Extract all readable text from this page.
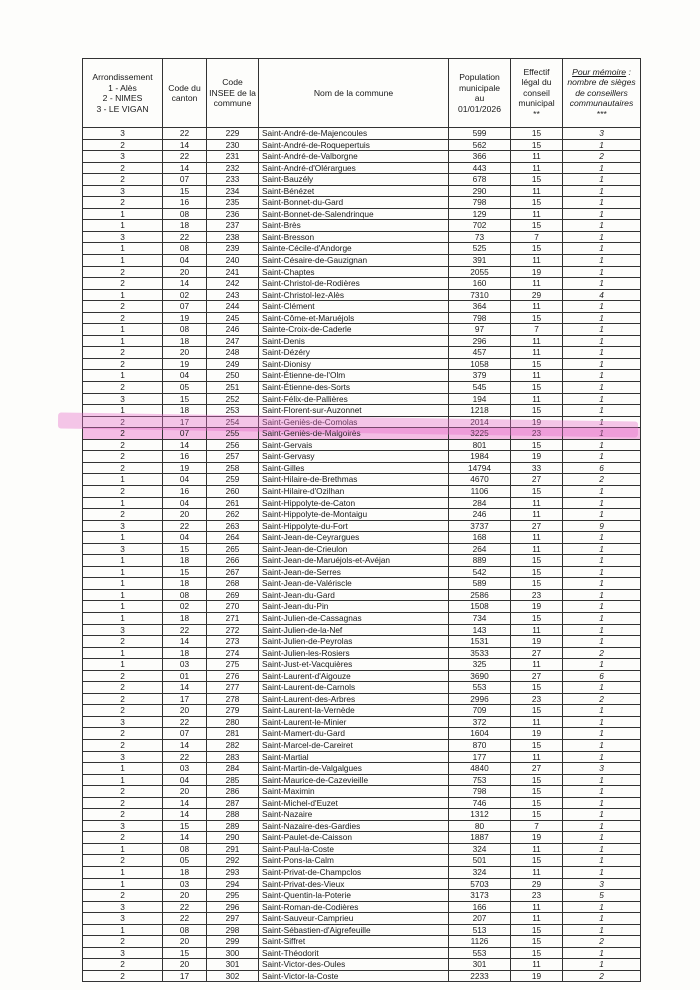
Arrondissement
1 - Alès
2 - NIMES
3 - LE VIGAN	Code du
canton	Code
INSEE de la
commune	Nom de la commune	Population
municipale
au
01/01/2026	Effectif
légal du
conseil
municipal
**	Pour mémoire :
nombre de sièges
de conseillers
communautaires
***

3	22	229	Saint-André-de-Majencoules	599	15	3
2	14	230	Saint-André-de-Roquepertuis	562	15	1
3	22	231	Saint-André-de-Valborgne	366	11	2
2	14	232	Saint-André-d'Olérargues	443	11	1
2	07	233	Saint-Bauzély	678	15	1
3	15	234	Saint-Bénézet	290	11	1
2	16	235	Saint-Bonnet-du-Gard	798	15	1
1	08	236	Saint-Bonnet-de-Salendrinque	129	11	1
1	18	237	Saint-Brès	702	15	1
3	22	238	Saint-Bresson	73	7	1
1	08	239	Sainte-Cécile-d'Andorge	525	15	1
1	04	240	Saint-Césaire-de-Gauzignan	391	11	1
2	20	241	Saint-Chaptes	2055	19	1
2	14	242	Saint-Christol-de-Rodières	160	11	1
1	02	243	Saint-Christol-lez-Alès	7310	29	4
2	07	244	Saint-Clément	364	11	1
2	19	245	Saint-Côme-et-Maruéjols	798	15	1
1	08	246	Sainte-Croix-de-Caderle	97	7	1
1	18	247	Saint-Denis	296	11	1
2	20	248	Saint-Dézéry	457	11	1
2	19	249	Saint-Dionisy	1058	15	1
1	04	250	Saint-Étienne-de-l'Olm	379	11	1
2	05	251	Saint-Étienne-des-Sorts	545	15	1
3	15	252	Saint-Félix-de-Pallières	194	11	1
1	18	253	Saint-Florent-sur-Auzonnet	1218	15	1
2	17	254	Saint-Geniès-de-Comolas	2014	19	1
2	07	255	Saint-Geniès-de-Malgoirès	3225	23	1
2	14	256	Saint-Gervais	801	15	1
2	16	257	Saint-Gervasy	1984	19	1
2	19	258	Saint-Gilles	14794	33	6
1	04	259	Saint-Hilaire-de-Brethmas	4670	27	2
2	16	260	Saint-Hilaire-d'Ozilhan	1106	15	1
1	04	261	Saint-Hippolyte-de-Caton	284	11	1
2	20	262	Saint-Hippolyte-de-Montaigu	246	11	1
3	22	263	Saint-Hippolyte-du-Fort	3737	27	9
1	04	264	Saint-Jean-de-Ceyrargues	168	11	1
3	15	265	Saint-Jean-de-Crieulon	264	11	1
1	18	266	Saint-Jean-de-Maruéjols-et-Avéjan	889	15	1
1	15	267	Saint-Jean-de-Serres	542	15	1
1	18	268	Saint-Jean-de-Valériscle	589	15	1
1	08	269	Saint-Jean-du-Gard	2586	23	1
1	02	270	Saint-Jean-du-Pin	1508	19	1
1	18	271	Saint-Julien-de-Cassagnas	734	15	1
3	22	272	Saint-Julien-de-la-Nef	143	11	1
2	14	273	Saint-Julien-de-Peyrolas	1531	19	1
1	18	274	Saint-Julien-les-Rosiers	3533	27	2
1	03	275	Saint-Just-et-Vacquières	325	11	1
2	01	276	Saint-Laurent-d'Aigouze	3690	27	6
2	14	277	Saint-Laurent-de-Carnols	553	15	1
2	17	278	Saint-Laurent-des-Arbres	2996	23	2
2	20	279	Saint-Laurent-la-Vernède	709	15	1
3	22	280	Saint-Laurent-le-Minier	372	11	1
2	07	281	Saint-Mamert-du-Gard	1604	19	1
2	14	282	Saint-Marcel-de-Careiret	870	15	1
3	22	283	Saint-Martial	177	11	1
1	03	284	Saint-Martin-de-Valgalgues	4840	27	3
1	04	285	Saint-Maurice-de-Cazevieille	753	15	1
2	20	286	Saint-Maximin	798	15	1
2	14	287	Saint-Michel-d'Euzet	746	15	1
2	14	288	Saint-Nazaire	1312	15	1
3	15	289	Saint-Nazaire-des-Gardies	80	7	1
2	14	290	Saint-Paulet-de-Caisson	1887	19	1
1	08	291	Saint-Paul-la-Coste	324	11	1
2	05	292	Saint-Pons-la-Calm	501	15	1
1	18	293	Saint-Privat-de-Champclos	324	11	1
1	03	294	Saint-Privat-des-Vieux	5703	29	3
2	20	295	Saint-Quentin-la-Poterie	3173	23	5
3	22	296	Saint-Roman-de-Codières	166	11	1
3	22	297	Saint-Sauveur-Camprieu	207	11	1
1	08	298	Saint-Sébastien-d'Aigrefeuille	513	15	1
2	20	299	Saint-Siffret	1126	15	2
3	15	300	Saint-Théodorit	553	15	1
2	20	301	Saint-Victor-des-Oules	301	11	1
2	17	302	Saint-Victor-la-Coste	2233	19	2
